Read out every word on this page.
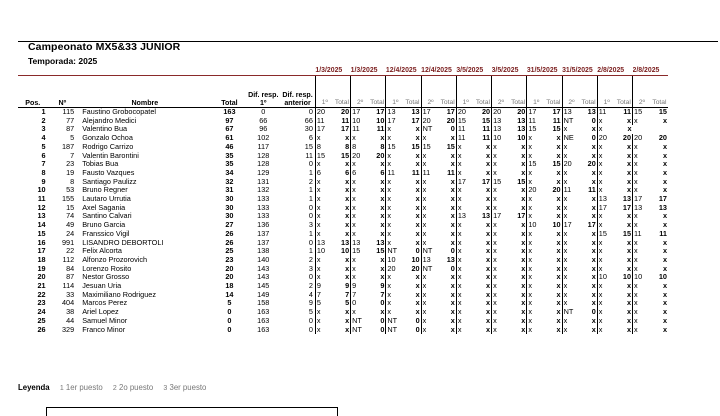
Campeonato MX5&33 JUNIOR
Temporada: 2025
						1/3/2025		1/3/2025		12/4/2025		12/4/2025		3/5/2025		3/5/2025		31/5/2025		31/5/2025		2/8/2025		2/8/2025	
Pos.	Nº	Nombre	Total	Dif. resp. 1º	Dif. resp. anterior	1º	Total	2º	Total	1º	Total	2º	Total	1º	Total	2º	Total	1º	Total	2º	Total	1º	Total	2º	Total
1	115	Faustino Grobocopatel	163	0	0	20	20	17	17	13	13	17	17	20	20	20	20	17	17	13	13	11	11	15	15
2	77	Alejandro Medici	97	66	66	11	11	10	10	17	17	20	20	15	15	13	13	11	11	NT	0	x	x	x	x
3	87	Valentino Bua	67	96	30	17	17	11	11	x	x	NT	0	11	11	13	13	15	15	x	x	x	x		
4	5	Gonzalo Ochoa	61	102	6	x	x	x	x	x	x	x	x	11	11	10	10	x	x	NE	0	20	20	20	20
5	187	Rodrigo Carrizo	46	117	15	8	8	8	8	15	15	15	15	x	x	x	x	x	x	x	x	x	x	x	x
6	7	Valentin Barontini	35	128	11	15	15	20	20	x	x	x	x	x	x	x	x	x	x	x	x	x	x	x	x
7	23	Tobias Bua	35	128	0	x	x	x	x	x	x	x	x	x	x	x	x	15	15	20	20	x	x	x	x
8	19	Fausto Vazques	34	129	1	6	6	6	6	11	11	11	11	x	x	x	x	x	x	x	x	x	x	x	x
9	8	Santiago Paulizz	32	131	2	x	x	x	x	x	x	x	x	17	17	15	15	x	x	x	x	x	x	x	x
10	53	Bruno Regner	31	132	1	x	x	x	x	x	x	x	x	x	x	x	x	20	20	11	11	x	x	x	x
11	155	Lautaro Urrutia	30	133	1	x	x	x	x	x	x	x	x	x	x	x	x	x	x	x	x	13	13	17	17
12	15	Axel Sagania	30	133	0	x	x	x	x	x	x	x	x	x	x	x	x	x	x	x	x	17	17	13	13
13	74	Santino Calvari	30	133	0	x	x	x	x	x	x	x	x	13	13	17	17	x	x	x	x	x	x	x	x
14	49	Bruno Garcia	27	136	3	x	x	x	x	x	x	x	x	x	x	x	x	10	10	17	17	x	x	x	x
15	24	Franssico Vigil	26	137	1	x	x	x	x	x	x	x	x	x	x	x	x	x	x	x	x	15	15	11	11
16	991	LISANDRO DEBORTOLI	26	137	0	13	13	13	13	x	x	x	x	x	x	x	x	x	x	x	x	x	x	x	x
17	22	Felix Alcorta	25	138	1	10	10	15	15	NT	0	NT	0	x	x	x	x	x	x	x	x	x	x	x	x
18	112	Alfonzo Prozorovich	23	140	2	x	x	x	x	10	10	13	13	x	x	x	x	x	x	x	x	x	x	x	x
19	84	Lorenzo Rosito	20	143	3	x	x	x	x	20	20	NT	0	x	x	x	x	x	x	x	x	x	x	x	x
20	87	Nestor Grosso	20	143	0	x	x	x	x	x	x	x	x	x	x	x	x	x	x	x	x	10	10	10	10
21	114	Jesuan Uria	18	145	2	9	9	9	9	x	x	x	x	x	x	x	x	x	x	x	x	x	x	x	x
22	33	Maximiliano Rodriguez	14	149	4	7	7	7	7	x	x	x	x	x	x	x	x	x	x	x	x	x	x	x	x
23	404	Marcos Perez	5	158	9	5	5	0	0	x	x	x	x	x	x	x	x	x	x	x	x	x	x	x	x
24	38	Ariel Lopez	0	163	5	x	x	x	x	x	x	x	x	x	x	x	x	x	x	NT	0	x	x	x	x
25	44	Samuel Minor	0	163	0	x	x	NT	0	NT	0	x	x	x	x	x	x	x	x	x	x	x	x	x	x
26	329	Franco Minor	0	163	0	x	x	NT	0	NT	0	x	x	x	x	x	x	x	x	x	x	x	x	x	x
Leyenda 1 1er puesto 2 2o puesto 3 3er puesto
